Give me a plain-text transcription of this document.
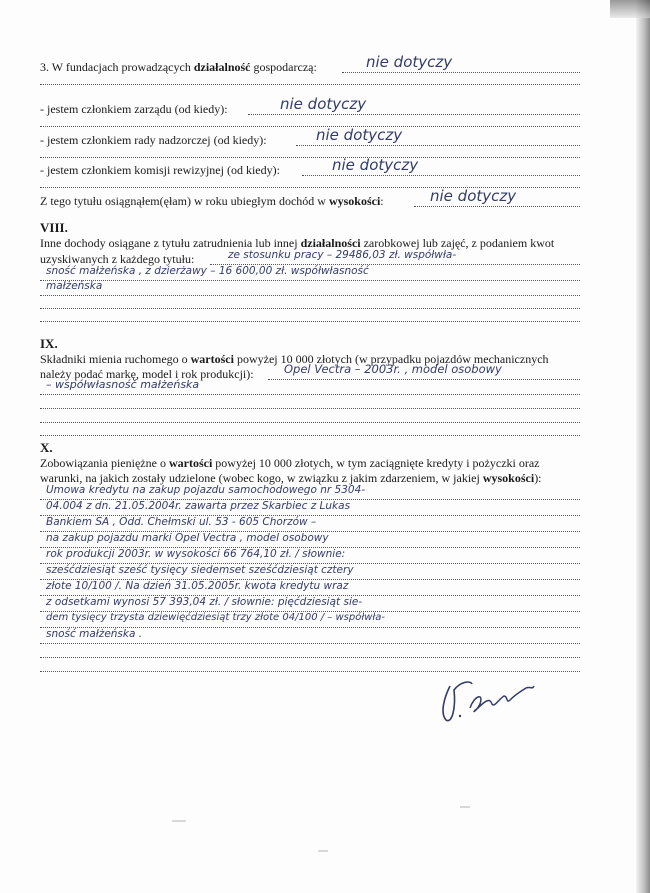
3. W fundacjach prowadzących działalność gospodarczą:	nie dotyczy
- jestem członkiem zarządu (od kiedy):	nie dotyczy
- jestem członkiem rady nadzorczej (od kiedy):	nie dotyczy
- jestem członkiem komisji rewizyjnej (od kiedy):	nie dotyczy
Z tego tytułu osiągnąłem(ęłam) w roku ubiegłym dochód w wysokości:	nie dotyczy
VIII.
Inne dochody osiągane z tytułu zatrudnienia lub innej działalności zarobkowej lub zajęć, z podaniem kwot
uzyskiwanych z każdego tytułu:	ze stosunku pracy – 29486,03 zł. współwła-
sność małżeńska , z dzierżawy – 16 600,00 zł. współwłasność
małżeńska
IX.
Składniki mienia ruchomego o wartości powyżej 10 000 złotych (w przypadku pojazdów mechanicznych
należy podać markę, model i rok produkcji):	Opel Vectra – 2003r. , model osobowy
– współwłasność małżeńska
X.
Zobowiązania pieniężne o wartości powyżej 10 000 złotych, w tym zaciągnięte kredyty i pożyczki oraz
warunki, na jakich zostały udzielone (wobec kogo, w związku z jakim zdarzeniem, w jakiej wysokości):
Umowa kredytu na zakup pojazdu samochodowego nr 5304-
04.004 z dn. 21.05.2004r. zawarta przez Skarbiec z Lukas
Bankiem SA , Odd. Chełmski ul. 53 - 605 Chorzów –
na zakup pojazdu marki Opel Vectra , model osobowy
rok produkcji 2003r. w wysokości 66 764,10 zł. / słownie:
sześćdziesiąt sześć tysięcy siedemset sześćdziesiąt cztery
złote 10/100 /. Na dzień 31.05.2005r. kwota kredytu wraz
z odsetkami wynosi 57 393,04 zł. / słownie: pięćdziesiąt sie-
dem tysięcy trzysta dziewięćdziesiąt trzy złote 04/100 / – współwła-
sność małżeńska .
